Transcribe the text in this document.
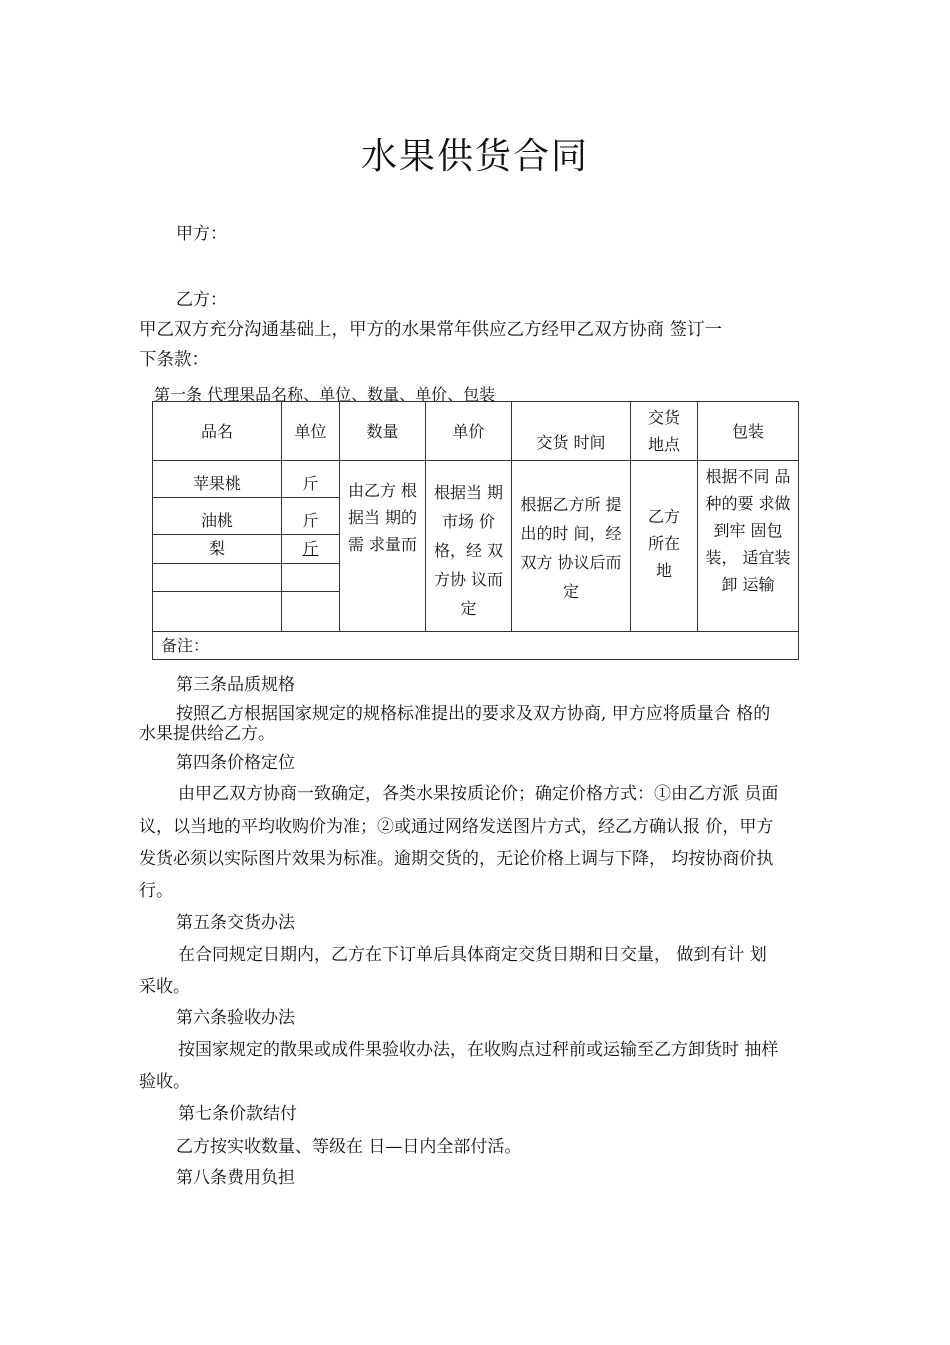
水果供货合同
甲方：
乙方：
甲乙双方充分沟通基础上，甲方的水果常年供应乙方经甲乙双方协商 签订一
下条款：
第一条 代理果品名称、单位、数量、单价、包装
品名	单位	数量	单价	交货 时间	交货地点	包装
苹果桃	斤	由乙方 根据当 期的需 求量而	根据当 期市场 价格，经 双方协 议而定	根据乙方所 提出的时 间，经双方 协议后而定	乙方所在地	根据不同 品种的要 求做到牢 固包装， 适宜装卸 运输

油桃	斤					
梨	斤					

备注：						
第三条品质规格
按照乙方根据国家规定的规格标准提出的要求及双方协商, 甲方应将质量合 格的
水果提供给乙方。
第四条价格定位
由甲乙双方协商一致确定，各类水果按质论价；确定价格方式：①由乙方派 员面
议，以当地的平均收购价为准；②或通过网络发送图片方式，经乙方确认报 价，甲方
发货必须以实际图片效果为标准。逾期交货的，无论价格上调与下降， 均按协商价执
行。
第五条交货办法
在合同规定日期内，乙方在下订单后具体商定交货日期和日交量， 做到有计 划
采收。
第六条验收办法
按国家规定的散果或成件果验收办法，在收购点过秤前或运输至乙方卸货时 抽样
验收。
第七条价款结付
乙方按实收数量、等级在 日—日内全部付活。
第八条费用负担
